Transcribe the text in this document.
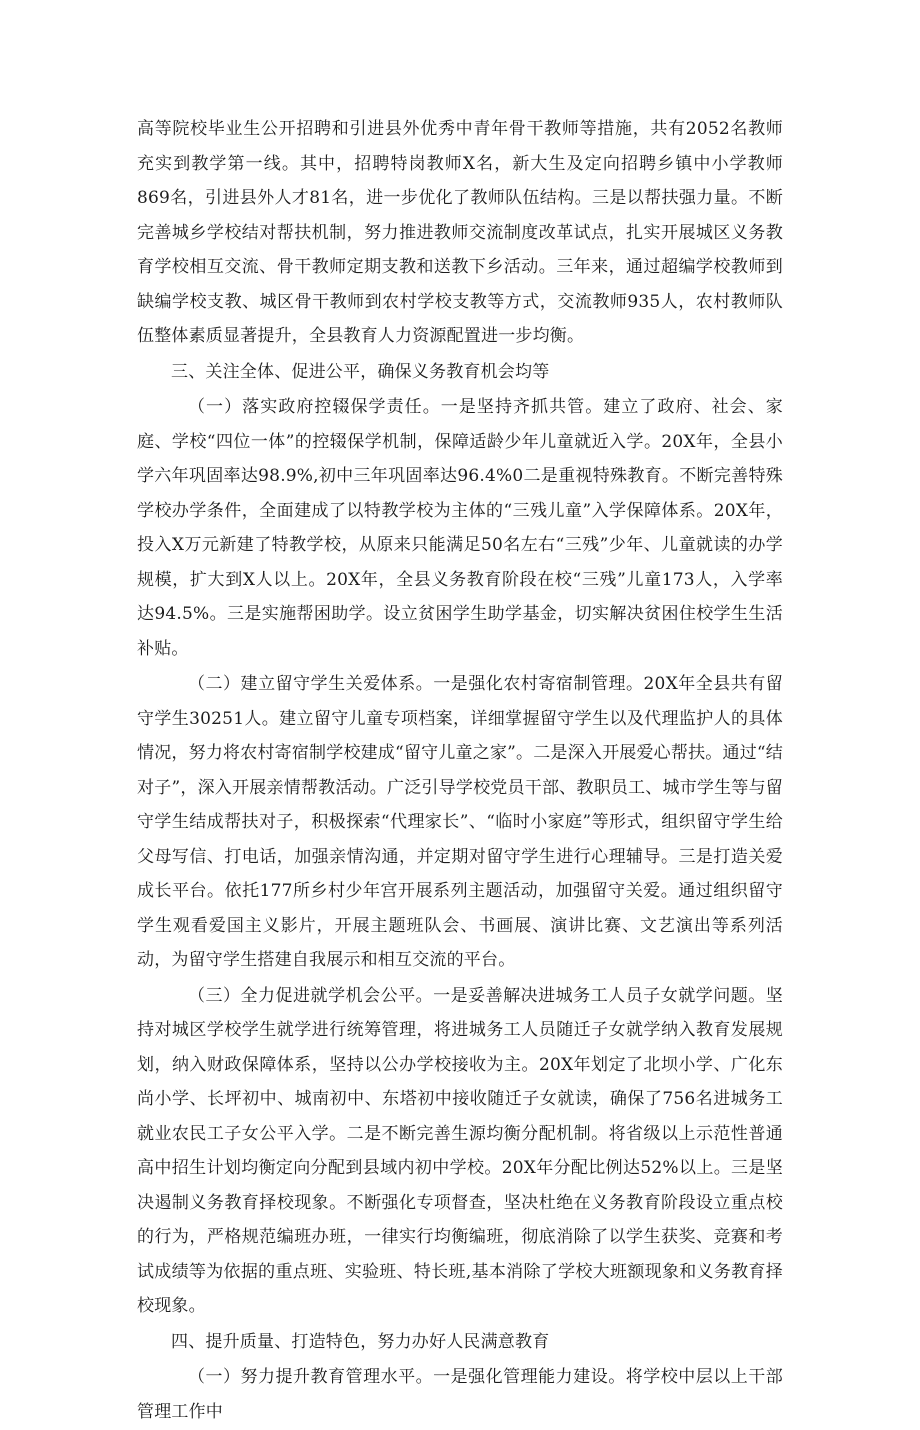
高等院校毕业生公开招聘和引进县外优秀中青年骨干教师等措施，共有2052名教师充实到教学第一线。其中，招聘特岗教师X名，新大生及定向招聘乡镇中小学教师869名，引进县外人才81名，进一步优化了教师队伍结构。三是以帮扶强力量。不断完善城乡学校结对帮扶机制，努力推进教师交流制度改革试点，扎实开展城区义务教育学校相互交流、骨干教师定期支教和送教下乡活动。三年来，通过超编学校教师到缺编学校支教、城区骨干教师到农村学校支教等方式，交流教师935人，农村教师队伍整体素质显著提升，全县教育人力资源配置进一步均衡。

三、关注全体、促进公平，确保义务教育机会均等

（一）落实政府控辍保学责任。一是坚持齐抓共管。建立了政府、社会、家庭、学校“四位一体”的控辍保学机制，保障适龄少年儿童就近入学。20X年，全县小学六年巩固率达98.9%,初中三年巩固率达96.4%0二是重视特殊教育。不断完善特殊学校办学条件，全面建成了以特教学校为主体的“三残儿童”入学保障体系。20X年，投入X万元新建了特教学校，从原来只能满足50名左右“三残”少年、儿童就读的办学规模，扩大到X人以上。20X年，全县义务教育阶段在校“三残”儿童173人，入学率达94.5%。三是实施帮困助学。设立贫困学生助学基金，切实解决贫困住校学生生活补贴。

（二）建立留守学生关爱体系。一是强化农村寄宿制管理。20X年全县共有留守学生30251人。建立留守儿童专项档案，详细掌握留守学生以及代理监护人的具体情况，努力将农村寄宿制学校建成“留守儿童之家”。二是深入开展爱心帮扶。通过“结对子”，深入开展亲情帮教活动。广泛引导学校党员干部、教职员工、城市学生等与留守学生结成帮扶对子，积极探索“代理家长”、“临时小家庭”等形式，组织留守学生给父母写信、打电话，加强亲情沟通，并定期对留守学生进行心理辅导。三是打造关爱成长平台。依托177所乡村少年宫开展系列主题活动，加强留守关爱。通过组织留守学生观看爱国主义影片，开展主题班队会、书画展、演讲比赛、文艺演出等系列活动，为留守学生搭建自我展示和相互交流的平台。

（三）全力促进就学机会公平。一是妥善解决进城务工人员子女就学问题。坚持对城区学校学生就学进行统筹管理，将进城务工人员随迁子女就学纳入教育发展规划，纳入财政保障体系，坚持以公办学校接收为主。20X年划定了北坝小学、广化东尚小学、长坪初中、城南初中、东塔初中接收随迁子女就读，确保了756名进城务工就业农民工子女公平入学。二是不断完善生源均衡分配机制。将省级以上示范性普通高中招生计划均衡定向分配到县域内初中学校。20X年分配比例达52%以上。三是坚决遏制义务教育择校现象。不断强化专项督查，坚决杜绝在义务教育阶段设立重点校的行为，严格规范编班办班，一律实行均衡编班，彻底消除了以学生获奖、竞赛和考试成绩等为依据的重点班、实验班、特长班,基本消除了学校大班额现象和义务教育择校现象。

四、提升质量、打造特色，努力办好人民满意教育

（一）努力提升教育管理水平。一是强化管理能力建设。将学校中层以上干部管理工作中
